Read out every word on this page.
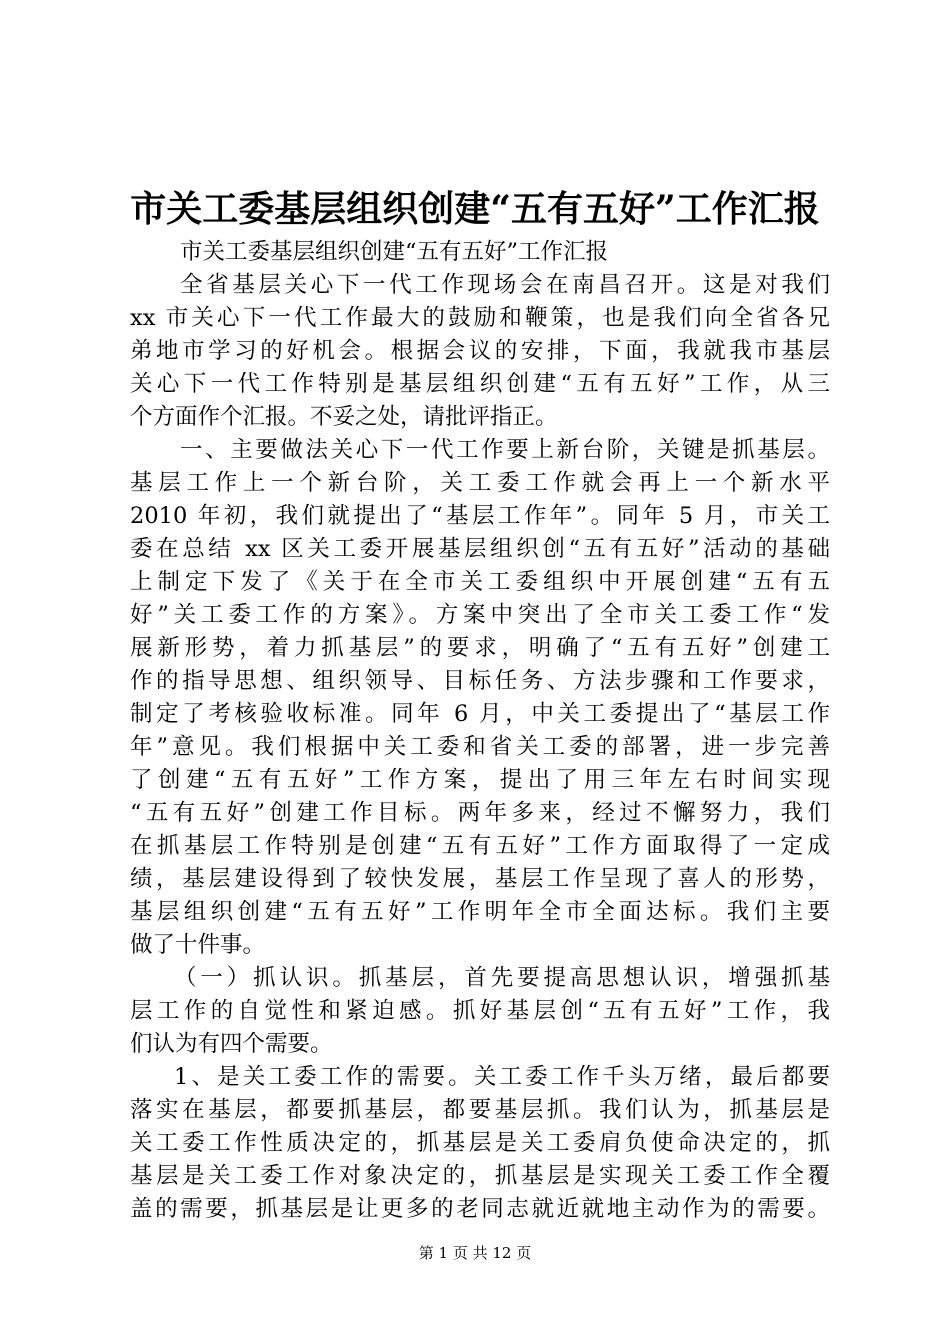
市关工委基层组织创建“五有五好”工作汇报
市关工委基层组织创建“五有五好”工作汇报
全省基层关心下一代工作现场会在南昌召开。这是对我们
xx 市关心下一代工作最大的鼓励和鞭策，也是我们向全省各兄
弟地市学习的好机会。根据会议的安排，下面，我就我市基层
关心下一代工作特别是基层组织创建“五有五好”工作，从三
个方面作个汇报。不妥之处，请批评指正。
一、主要做法关心下一代工作要上新台阶，关键是抓基层。
基层工作上一个新台阶，关工委工作就会再上一个新水平
2010 年初，我们就提出了“基层工作年”。同年 5 月，市关工
委在总结 xx 区关工委开展基层组织创“五有五好”活动的基础
上制定下发了《关于在全市关工委组织中开展创建“五有五
好”关工委工作的方案》。方案中突出了全市关工委工作“发
展新形势，着力抓基层”的要求，明确了“五有五好”创建工
作的指导思想、组织领导、目标任务、方法步骤和工作要求，
制定了考核验收标准。同年 6 月，中关工委提出了“基层工作
年”意见。我们根据中关工委和省关工委的部署，进一步完善
了创建“五有五好”工作方案，提出了用三年左右时间实现
“五有五好”创建工作目标。两年多来，经过不懈努力，我们
在抓基层工作特别是创建“五有五好”工作方面取得了一定成
绩，基层建设得到了较快发展，基层工作呈现了喜人的形势，
基层组织创建“五有五好”工作明年全市全面达标。我们主要
做了十件事。
（一）抓认识。抓基层，首先要提高思想认识，增强抓基
层工作的自觉性和紧迫感。抓好基层创“五有五好”工作，我
们认为有四个需要。
1、是关工委工作的需要。关工委工作千头万绪，最后都要
落实在基层，都要抓基层，都要基层抓。我们认为，抓基层是
关工委工作性质决定的，抓基层是关工委肩负使命决定的，抓
基层是关工委工作对象决定的，抓基层是实现关工委工作全覆
盖的需要，抓基层是让更多的老同志就近就地主动作为的需要。
第 1 页 共 12 页
